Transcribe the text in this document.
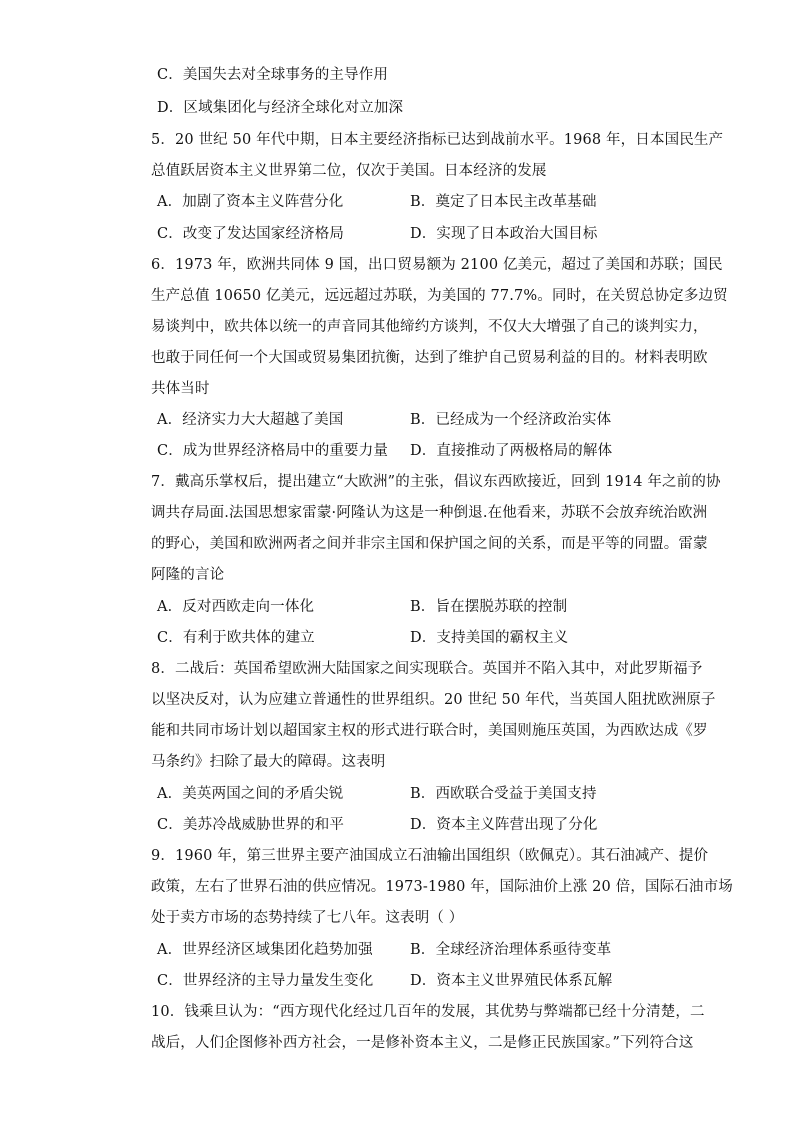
C．美国失去对全球事务的主导作用
D．区域集团化与经济全球化对立加深
5．20 世纪 50 年代中期，日本主要经济指标已达到战前水平。1968 年，日本国民生产
总值跃居资本主义世界第二位，仅次于美国。日本经济的发展
A．加剧了资本主义阵营分化	B．奠定了日本民主改革基础
C．改变了发达国家经济格局	D．实现了日本政治大国目标
6．1973 年，欧洲共同体 9 国，出口贸易额为 2100 亿美元，超过了美国和苏联；国民
生产总值 10650 亿美元，远远超过苏联，为美国的 77.7%。同时，在关贸总协定多边贸
易谈判中，欧共体以统一的声音同其他缔约方谈判，不仅大大增强了自己的谈判实力，
也敢于同任何一个大国或贸易集团抗衡，达到了维护自己贸易利益的目的。材料表明欧
共体当时
A．经济实力大大超越了美国	B．已经成为一个经济政治实体
C．成为世界经济格局中的重要力量 D．直接推动了两极格局的解体
7．戴高乐掌权后，提出建立“大欧洲”的主张，倡议东西欧接近，回到 1914 年之前的协
调共存局面.法国思想家雷蒙·阿隆认为这是一种倒退.在他看来，苏联不会放弃统治欧洲
的野心，美国和欧洲两者之间并非宗主国和保护国之间的关系，而是平等的同盟。雷蒙
阿隆的言论
A．反对西欧走向一体化	B．旨在摆脱苏联的控制
C．有利于欧共体的建立	D．支持美国的霸权主义
8．二战后：英国希望欧洲大陆国家之间实现联合。英国并不陷入其中，对此罗斯福予
以坚决反对，认为应建立普通性的世界组织。20 世纪 50 年代，当英国人阻扰欧洲原子
能和共同市场计划以超国家主权的形式进行联合时，美国则施压英国，为西欧达成《罗
马条约》扫除了最大的障碍。这表明
A．美英两国之间的矛盾尖锐	B．西欧联合受益于美国支持
C．美苏冷战威胁世界的和平	D．资本主义阵营出现了分化
9．1960 年，第三世界主要产油国成立石油输出国组织（欧佩克）。其石油减产、提价
政策，左右了世界石油的供应情况。1973-1980 年，国际油价上涨 20 倍，国际石油市场
处于卖方市场的态势持续了七八年。这表明（ ）
A．世界经济区域集团化趋势加强	B．全球经济治理体系亟待变革
C．世界经济的主导力量发生变化	D．资本主义世界殖民体系瓦解
10．钱乘旦认为：“西方现代化经过几百年的发展，其优势与弊端都已经十分清楚，二
战后，人们企图修补西方社会，一是修补资本主义，二是修正民族国家。”下列符合这
